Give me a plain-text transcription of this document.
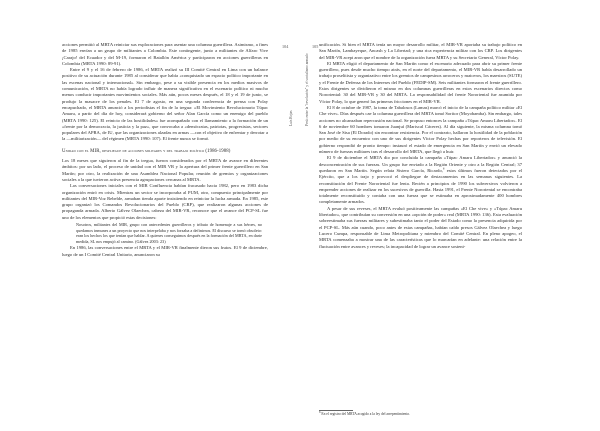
acciones permitió al MRTA reiniciar sus exploraciones para asentar una columna guerrillera. Asimismo, a fines de 1985 envían a un grupo de militantes a Colombia. Este contingente, junto a militantes de Alfaro Vive ¡Carajo! del Ecuador y del M-19, formaron el Batallón América y participaron en acciones guerrilleras en Colombia (MRTA 1990: 89-91).

Entre el 9 y el 16 de febrero de 1986, el MRTA realizó su III Comité Central en Lima con un balance positivo de su actuación durante 1985 al considerar que había «conquistado un espacio político importante en las escenas nacional y internacional». Sin embargo, pese a su visible presencia en los medios masivos de comunicación, el MRTA no había logrado influir de manera significativa en el escenario político ni mucho menos conducir importantes movimientos sociales. Más aún, pocos meses después, el 18 y el 19 de junio, se produjo la masacre de los penales. El 7 de agosto, en una segunda conferencia de prensa con Polay encapuchado, el MRTA anunció a los periodistas el fin de la tregua: «El Movimiento Revolucionario Túpac Amaru, a partir del día de hoy, considerará gobierno del señor Alan García como un enemigo del pueblo (MRTA 1990: 125). El reinicio de las hostilidades» fue acompañado con el llamamiento a la formación de un «frente por la democracia, la justicia y la paz», que convocaba a «demócratas, patriotas, progresistas, sectores populares del APRA, de IU, que las organizaciones alzadas en armas —con el objetivo de enfrentar y derrotar a la —militarización— del régimen (MRTA 1990: 107). El frente nunca se formó.

Unidad con el MIR, despliegue de acciones militares y del trabajo político (1986-1988)

Los 18 meses que siguieron al fin de la tregua, fueron considerados por el MRTA de avance en diferentes ámbitos: por un lado, el proceso de unidad con el MIR VR y la apertura del primer frente guerrillero en San Martín; por otro, la realización de una Asamblea Nacional Popular, reunión de gremios y organizaciones sociales a la que tuvieron activa presencia agrupaciones cercanas al MRTA.

Las conversaciones iniciales con el MIR Confluencia habían fracasado hacia 1982, pero en 1983 dicha organización entró en crisis. Mientras un sector se incorporaba al PUM, otro, compuesto principalmente por militantes del MIR-Voz Rebelde, armaban tienda aparte insistiendo en reiniciar la lucha armada. En 1985, este grupo organizó los Comandos Revolucionarios del Pueblo (CRP), que realizaron algunas acciones de propaganda armada. Alberto Gálvez Olaechea, cabeza del MIR-VR, reconoce que el avance del PCP-SL fue uno de los elementos que propició estas decisiones:

Nosotros, militantes del MIR, grupo con antecedentes guerrilleros y tributo de homenaje a sus héroes, no quedamos inmunes a un proyecto que nos interpelaba y nos forzaba a definirnos. El discurso se tornó obsoleto: eran los hechos los que tenían que hablar. A quienes conseguimos después en la formación del MRTA, en darte medida, SL nos empujó al camino. (Gálvez 2003: 23)

En 1986, las conversaciones entre el MRTA y el MIR-VR finalmente dieron sus frutos. El 9 de diciembre, luego de un I Comité Central Unitario, anunciaron su

104
Luis Rojas
105
Perú: entre la "revolución" y el socialismo armado

unificación. Si bien el MRTA tenía un mayor desarrollo militar, el MIR-VR aportaba su trabajo político en San Martín, Lambayeque, Ancash y La Libertad; y una rica experiencia militar con los CRP. Los dirigentes del MIR-VR acept aron que el nombre de la organización fuera MRTA y su Secretario General, Víctor Polay.

El MRTA eligió el departamento de San Martín como el escenario adecuado para abrir su primer frente guerrillero, pues desde mucho tiempo atrás, en el norte del departamento, el MIR-VR había desarrollado un trabajo proselitista y organizativo entre los gremios de campesinos arroceros y maiceros, los maestros (SUTE) y el Frente de Defensa de los Intereses del Pueblo (FEDIP-SM). Seis militantes formaron el frente guerrillero. Estos dirigentes se dividieron el mismo en dos columnas guerrilleras en estos escenarios directos como Nororiental: 30 del MIR-VR y 30 del MRTA. La responsabilidad del frente Nororiental fue asumida por Víctor Polay, lo que generó las primeras fricciones en el MIR-VR.

El 8 de octubre de 1987, la toma de Tabalosos (Lamas) marcó el inicio de la campaña político militar «El Che vive». Días después cae la columna guerrillera del MRTA tomó Soritor (Moyobamba). Sin embargo, tales acciones no alcanzaban repercusión nacional. Se propuso entonces la campaña «Túpac Amaru Libertador». El 6 de noviembre 60 hombres tomaron Juanjuí (Mariscal Cáceres). Al día siguiente, la misma columna tomó San José de Sisa (El Dorado) sin encontrar resistencia. Por el contrario, hallaron la hostilidad de la población por medio de su encuentro con uno de sus dirigentes Víctor Polay hechas por reporteros de televisión. El gobierno respondió de pronto tiempo: instauró el estado de emergencia en San Martín y envió un elevado número de fuerzas militares tras el desarrollo del MRTA, que llegó a huir.

El 9 de diciembre el MRTA dio por concluida la campaña «Túpac Amaru Libertador» y anunció la desconcentración de sus fuerzas. Un grupo fue enviado a la Región Oriente y otro a la Región Central; 37 quedaron en San Martín. Según relata Sistero García, Ricardo,$^6$ estos últimos fueron detectados por el Ejército, que a los trajo y provocó el despliegue de destacamentos en las semanas siguientes. La reconstitución del Frente Nororiental fue lenta. Recién a principios de 1990 los subversivos volvieron a emprender acciones de realizar en los sucesivos de guerrilla. Hasta 1991, el Frente Nororiental se encontraba totalmente reconstituido y contaba con una fuerza que se estimaba en aproximadamente 400 hombres completamente armados.

A pesar de sus reveses, el MRTA evaluó positivamente las campañas «El Che vive» y «Túpac Amaru libertador», que contribuían su conversión en una «opción de poder» real (MRTA 1990: 136). Esta evaluación sobreestimaba sus fuerzas militares y subestimaba tanto el poder del Estado como la presencia adquirida por el PCP-SL. Más aún cuando, poco antes de estas campañas, habían caído presos Gálvez Olaechea y luego Lucero Cumpa, responsable de Lima Metropolitana y miembro del Comité Central. En pleno apogeo, el MRTA comenzaba a mostrar una de las características que lo marcarían en adelante: una relación entre la fluctuación entre avances y reveses; la incapacidad de lograr un avance sosteni-

$^6$ En el registro del MRTA acogido a la ley del arrepentimiento.
